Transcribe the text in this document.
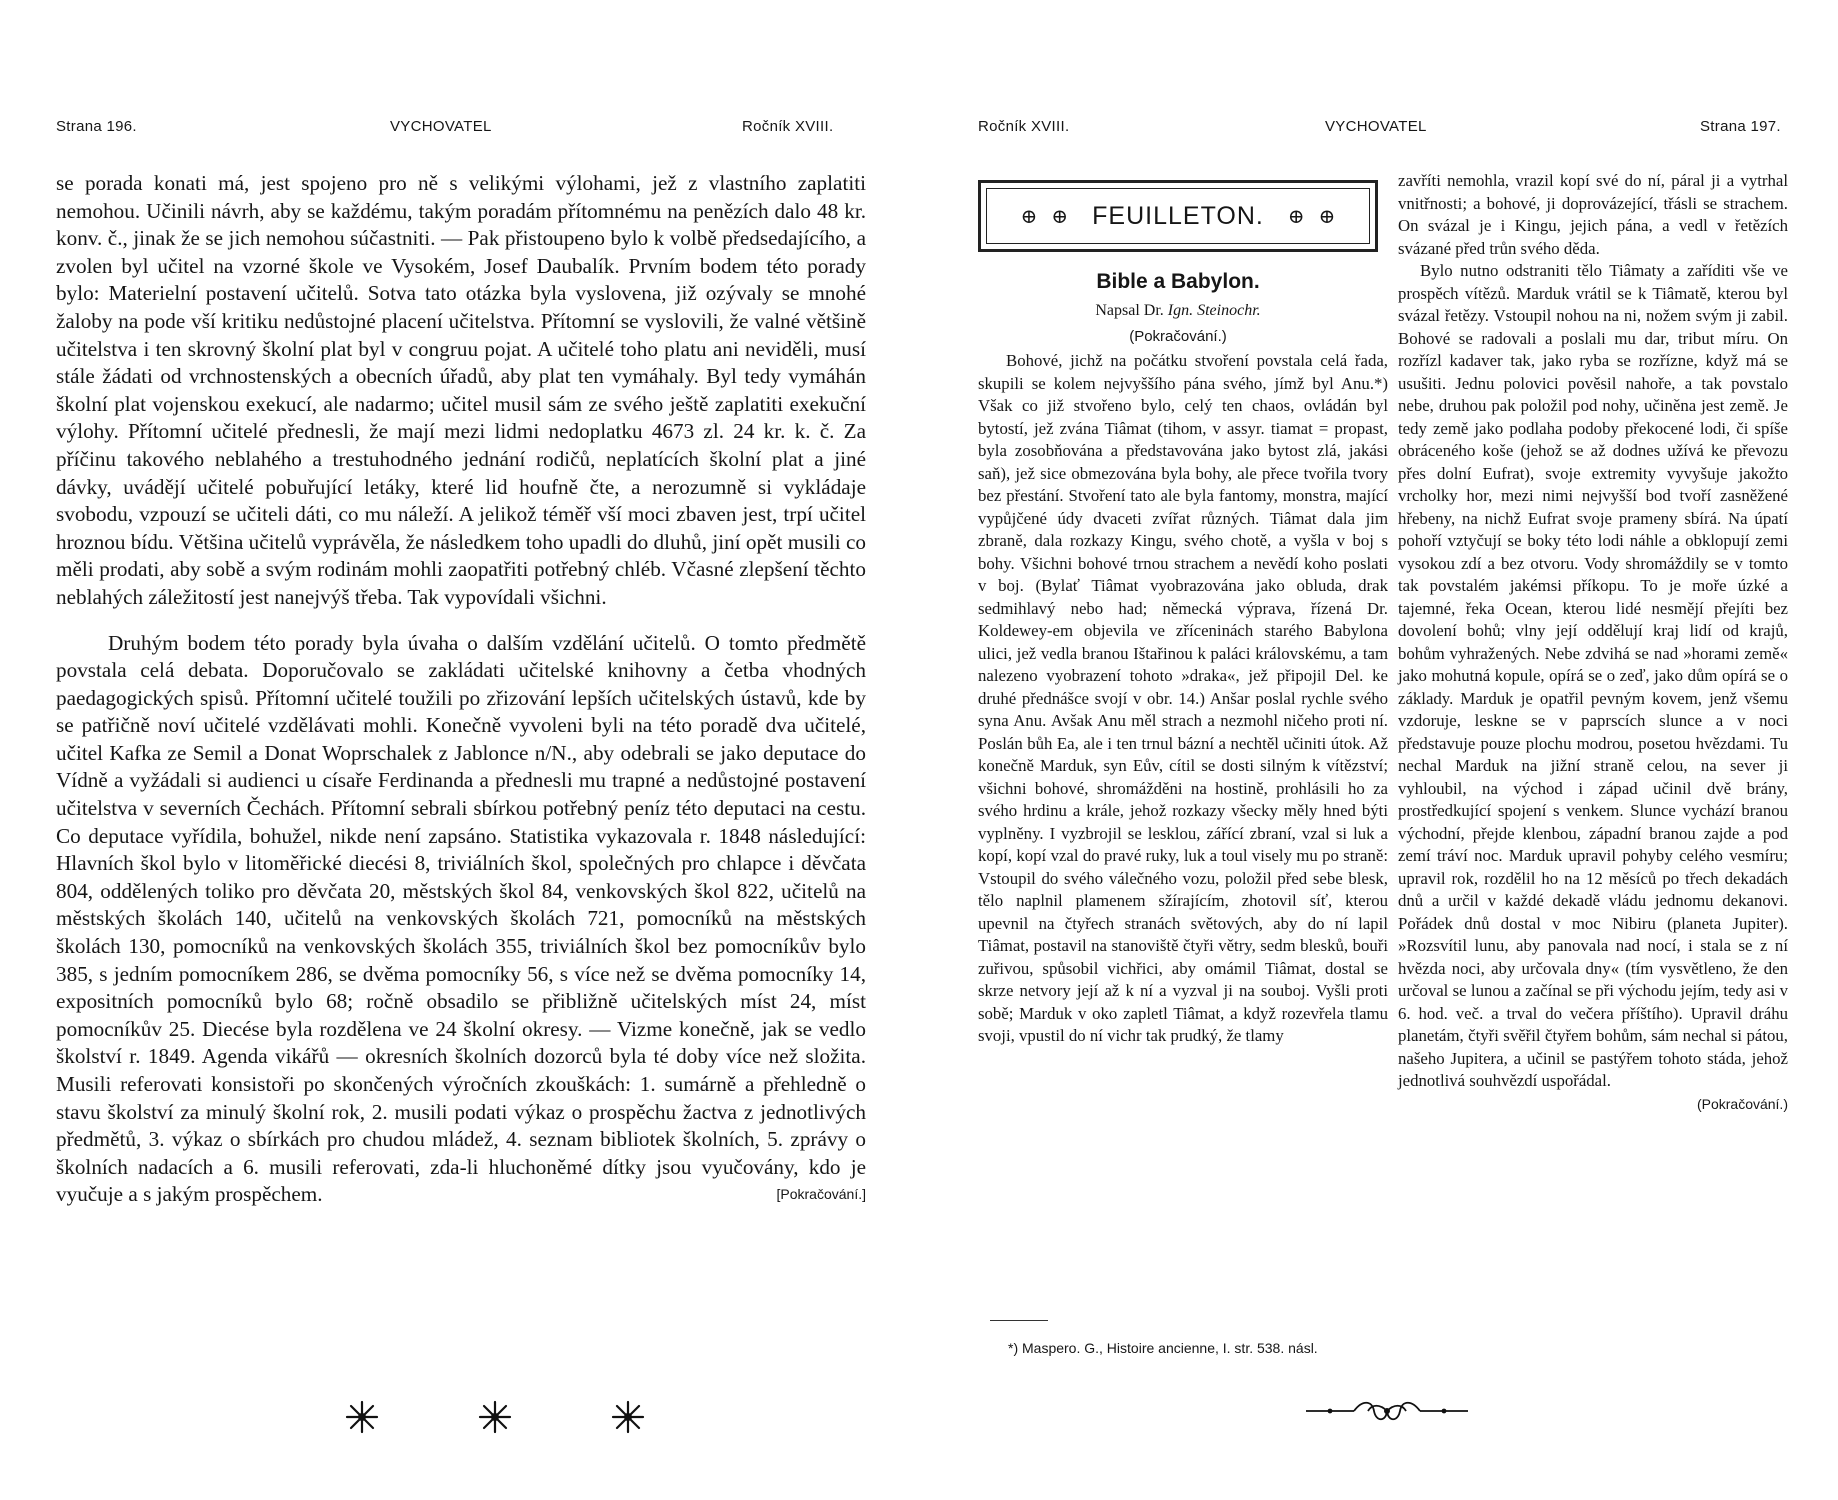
Strana 196.	VYCHOVATEL	Ročník XVIII.

se porada konati má, jest spojeno pro ně s velikými výlohami, jež z vlastního zaplatiti nemohou. Učinili návrh, aby se každému, takým poradám přítomnému na penězích dalo 48 kr. konv. č., jinak že se jich nemohou súčastniti. — Pak přistoupeno bylo k volbě předsedajícího, a zvolen byl učitel na vzorné škole ve Vysokém, Josef Daubalík. Prvním bodem této porady bylo: Materielní postavení učitelů. Sotva tato otázka byla vyslovena, již ozývaly se mnohé žaloby na pode vší kritiku nedůstojné placení učitelstva. Přítomní se vyslovili, že valné většině učitelstva i ten skrovný školní plat byl v congruu pojat. A učitelé toho platu ani neviděli, musí stále žádati od vrchnostenských a obecních úřadů, aby plat ten vymáhaly. Byl tedy vymáhán školní plat vojenskou exekucí, ale nadarmo; učitel musil sám ze svého ještě zaplatiti exekuční výlohy. Přítomní učitelé přednesli, že mají mezi lidmi nedoplatku 4673 zl. 24 kr. k. č. Za příčinu takového neblahého a trestuhodného jednání rodičů, neplatících školní plat a jiné dávky, uvádějí učitelé pobuřující letáky, které lid houfně čte, a nerozumně si vykládaje svobodu, vzpouzí se učiteli dáti, co mu náleží. A jelikož téměř vší moci zbaven jest, trpí učitel hroznou bídu. Většina učitelů vyprávěla, že následkem toho upadli do dluhů, jiní opět musili co měli prodati, aby sobě a svým rodinám mohli zaopatřiti potřebný chléb. Včasné zlepšení těchto neblahých záležitostí jest nanejvýš třeba. Tak vypovídali všichni.

Druhým bodem této porady byla úvaha o dalším vzdělání učitelů. O tomto předmětě povstala celá debata. Doporučovalo se zakládati učitelské knihovny a četba vhodných paedagogických spisů. Přítomní učitelé toužili po zřizování lepších učitelských ústavů, kde by se patřičně noví učitelé vzdělávati mohli. Konečně vyvoleni byli na této poradě dva učitelé, učitel Kafka ze Semil a Donat Woprschalek z Jablonce n/N., aby odebrali se jako deputace do Vídně a vyžádali si audienci u císaře Ferdinanda a přednesli mu trapné a nedůstojné postavení učitelstva v severních Čechách. Přítomní sebrali sbírkou potřebný peníz této deputaci na cestu. Co deputace vyřídila, bohužel, nikde není zapsáno. Statistika vykazovala r. 1848 následující: Hlavních škol bylo v litoměřické diecési 8, triviálních škol, společných pro chlapce i děvčata 804, oddělených toliko pro děvčata 20, městských škol 84, venkovských škol 822, učitelů na městských školách 140, učitelů na venkovských školách 721, pomocníků na městských školách 130, pomocníků na venkovských školách 355, triviálních škol bez pomocníkův bylo 385, s jedním pomocníkem 286, se dvěma pomocníky 56, s více než se dvěma pomocníky 14, expositních pomocníků bylo 68; ročně obsadilo se přibližně učitelských míst 24, míst pomocníkův 25. Diecése byla rozdělena ve 24 školní okresy. — Vizme konečně, jak se vedlo školství r. 1849. Agenda vikářů — okresních školních dozorců byla té doby více než složita. Musili referovati konsistoři po skončených výročních zkouškách: 1. sumárně a přehledně o stavu školství za minulý školní rok, 2. musili podati výkaz o prospěchu žactva z jednotlivých předmětů, 3. výkaz o sbírkách pro chudou mládež, 4. seznam bibliotek školních, 5. zprávy o školních nadacích a 6. musili referovati, zda-li hluchoněmé dítky jsou vyučovány, kdo je vyučuje a s jakým prospěchem.	[Pokračování.]

Ročník XVIII.	VYCHOVATEL	Strana 197.
⊕ ⊕ FEUILLETON. ⊕ ⊕
Bible a Babylon.
Napsal Dr. Ign. Steinochr.
(Pokračování.)

Bohové, jichž na počátku stvoření povstala celá řada, skupili se kolem nejvyššího pána svého, jímž byl Anu.*) Však co již stvořeno bylo, celý ten chaos, ovládán byl bytostí, jež zvána Tiâmat (tihom, v assyr. tiamat = propast, byla zosobňována a představována jako bytost zlá, jakási saň), jež sice obmezována byla bohy, ale přece tvořila tvory bez přestání. Stvoření tato ale byla fantomy, monstra, mající vypůjčené údy dvaceti zvířat různých. Tiâmat dala jim zbraně, dala rozkazy Kingu, svého chotě, a vyšla v boj s bohy. Všichni bohové trnou strachem a nevědí koho poslati v boj. (Bylať Tiâmat vyobrazována jako obluda, drak sedmihlavý nebo had; německá výprava, řízená Dr. Koldewey-em objevila ve zříceninách starého Babylona ulici, jež vedla branou Ištařinou k paláci královskému, a tam nalezeno vyobrazení tohoto »draka«, jež připojil Del. ke druhé přednášce svojí v obr. 14.) Anšar poslal rychle svého syna Anu. Avšak Anu měl strach a nezmohl ničeho proti ní. Poslán bůh Ea, ale i ten trnul bázní a nechtěl učiniti útok. Až konečně Marduk, syn Eův, cítil se dosti silným k vítězství; všichni bohové, shromážděni na hostině, prohlásili ho za svého hrdinu a krále, jehož rozkazy všecky měly hned býti vyplněny. I vyzbrojil se lesklou, zářící zbraní, vzal si luk a kopí, kopí vzal do pravé ruky, luk a toul visely mu po straně: Vstoupil do svého válečného vozu, položil před sebe blesk, tělo naplnil plamenem sžírajícím, zhotovil síť, kterou upevnil na čtyřech stranách světových, aby do ní lapil Tiâmat, postavil na stanoviště čtyři větry, sedm blesků, bouři zuřivou, spůsobil vichřici, aby omámil Tiâmat, dostal se skrze netvory její až k ní a vyzval ji na souboj. Vyšli proti sobě; Marduk v oko zapletl Tiâmat, a když rozevřela tlamu svoji, vpustil do ní vichr tak prudký, že tlamy

*) Maspero. G., Histoire ancienne, I. str. 538. násl.

zavříti nemohla, vrazil kopí své do ní, páral ji a vytrhal vnitřnosti; a bohové, ji doprovázející, třásli se strachem. On svázal je i Kingu, jejich pána, a vedl v řetězích svázané před trůn svého děda.

Bylo nutno odstraniti tělo Tiâmaty a zaříditi vše ve prospěch vítězů. Marduk vrátil se k Tiâmatě, kterou byl svázal řetězy. Vstoupil nohou na ni, nožem svým ji zabil. Bohové se radovali a poslali mu dar, tribut míru. On rozřízl kadaver tak, jako ryba se rozřízne, když má se usušiti. Jednu polovici pověsil nahoře, a tak povstalo nebe, druhou pak položil pod nohy, učiněna jest země. Je tedy země jako podlaha podoby překocené lodi, či spíše obráceného koše (jehož se až dodnes užívá ke převozu přes dolní Eufrat), svoje extremity vyvyšuje jakožto vrcholky hor, mezi nimi nejvyšší bod tvoří zasněžené hřebeny, na nichž Eufrat svoje prameny sbírá. Na úpatí pohoří vztyčují se boky této lodi náhle a obklopují zemi vysokou zdí a bez otvoru. Vody shromáždily se v tomto tak povstalém jakémsi příkopu. To je moře úzké a tajemné, řeka Ocean, kterou lidé nesmějí přejíti bez dovolení bohů; vlny její oddělují kraj lidí od krajů, bohům vyhražených. Nebe zdvihá se nad »horami země« jako mohutná kopule, opírá se o zeď, jako dům opírá se o základy. Marduk je opatřil pevným kovem, jenž všemu vzdoruje, leskne se v paprscích slunce a v noci představuje pouze plochu modrou, posetou hvězdami. Tu nechal Marduk na jižní straně celou, na sever ji vyhloubil, na východ i západ učinil dvě brány, prostředkující spojení s venkem. Slunce vychází branou východní, přejde klenbou, západní branou zajde a pod zemí tráví noc. Marduk upravil pohyby celého vesmíru; upravil rok, rozdělil ho na 12 měsíců po třech dekadách dnů a určil v každé dekadě vládu jednomu dekanovi. Pořádek dnů dostal v moc Nibiru (planeta Jupiter). »Rozsvítil lunu, aby panovala nad nocí, i stala se z ní hvězda noci, aby určovala dny« (tím vysvětleno, že den určoval se lunou a začínal se při východu jejím, tedy asi v 6. hod. več. a trval do večera příštího). Upravil dráhu planetám, čtyři svěřil čtyřem bohům, sám nechal si pátou, našeho Jupitera, a učinil se pastýřem tohoto stáda, jehož jednotlivá souhvězdí uspořádal.

(Pokračování.)
